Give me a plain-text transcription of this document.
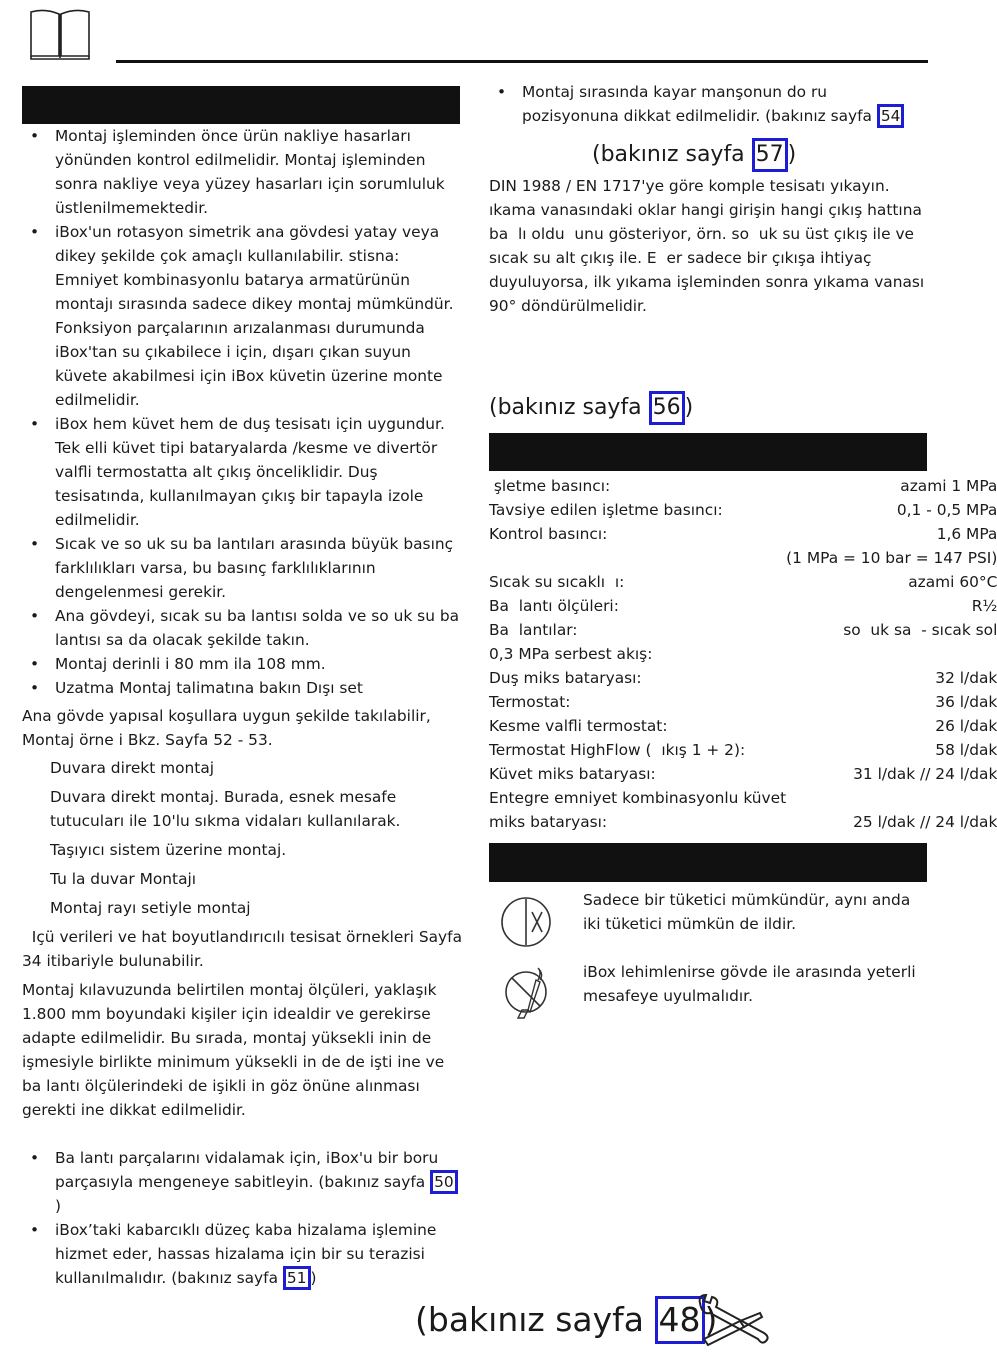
• Montaj işleminden önce ürün nakliye hasarları yönünden kontrol edilmelidir. Montaj işleminden sonra nakliye veya yüzey hasarları için sorumluluk üstlenilmemektedir.
• iBox'un rotasyon simetrik ana gövdesi yatay veya dikey şekilde çok amaçlı kullanılabilir. stisna: Emniyet kombinasyonlu batarya armatürünün montajı sırasında sadece dikey montaj mümkündür. Fonksiyon parçalarının arızalanması durumunda iBox'tan su çıkabilece i için, dışarı çıkan suyun küvete akabilmesi için iBox küvetin üzerine monte edilmelidir.
• iBox hem küvet hem de duş tesisatı için uygundur. Tek elli küvet tipi bataryalarda /kesme ve divertör valfli termostatta alt çıkış önceliklidir. Duş tesisatında, kullanılmayan çıkış bir tapayla izole edilmelidir.
• Sıcak ve so uk su ba lantıları arasında büyük basınç farklılıkları varsa, bu basınç farklılıklarının dengelenmesi gerekir.
• Ana gövdeyi, sıcak su ba lantısı solda ve so uk su ba lantısı sa da olacak şekilde takın.
• Montaj derinli i 80 mm ila 108 mm.
• Uzatma Montaj talimatına bakın Dışı set

Ana gövde yapısal koşullara uygun şekilde takılabilir, Montaj örne i Bkz. Sayfa 52 - 53.

Duvara direkt montaj

Duvara direkt montaj. Burada, esnek mesafe tutucuları ile 10'lu sıkma vidaları kullanılarak.

Taşıyıcı sistem üzerine montaj.

Tu la duvar Montajı

Montaj rayı setiyle montaj

Içü verileri ve hat boyutlandırıcılı tesisat örnekleri Sayfa 34 itibariyle bulunabilir.

Montaj kılavuzunda belirtilen montaj ölçüleri, yaklaşık 1.800 mm boyundaki kişiler için idealdir ve gerekirse adapte edilmelidir. Bu sırada, montaj yüksekli inin de işmesiyle birlikte minimum yüksekli in de de işti ine ve ba lantı ölçülerindeki de işikli in göz önüne alınması gerekti ine dikkat edilmelidir.

• Ba lantı parçalarını vidalamak için, iBox'u bir boru parçasıyla mengeneye sabitleyin. (bakınız sayfa 50)
• iBox’taki kabarcıklı düzeç kaba hizalama işlemine hizmet eder, hassas hizalama için bir su terazisi kullanılmalıdır. (bakınız sayfa 51 )
• Montaj sırasında kayar manşonun do ru pozisyonuna dikkat edilmelidir. (bakınız sayfa 54
(bakınız sayfa 57 )

DIN 1988 / EN 1717'ye göre komple tesisatı yıkayın.   ıkama vanasındaki oklar hangi girişin hangi çıkış hattına ba  lı oldu  unu gösteriyor, örn. so  uk su üst çıkış ile ve sıcak su alt çıkış ile. E  er sadece bir çıkışa ihtiyaç duyuluyorsa, ilk yıkama işleminden sonra yıkama vanası 90° döndürülmelidir.

(bakınız sayfa 56 )
şletme basıncı:	azami 1 MPa
Tavsiye edilen işletme basıncı:	0,1 - 0,5 MPa
Kontrol basıncı:	1,6 MPa
	(1 MPa = 10 bar = 147 PSI)
Sıcak su sıcaklı  ı:	azami 60°C
Ba  lantı ölçüleri:	R½
Ba  lantılar:	so  uk sa  - sıcak sol
0,3 MPa serbest akış:	
Duş miks bataryası:	32 l/dak
Termostat:	36 l/dak
Kesme valfli termostat:	26 l/dak
Termostat HighFlow (  ıkış 1 + 2):	58 l/dak
Küvet miks bataryası:	31 l/dak // 24 l/dak
Entegre emniyet kombinasyonlu küvet	
miks bataryası:	25 l/dak // 24 l/dak

Sadece bir tüketici mümkündür, aynı anda iki tüketici mümkün de ildir.

iBox lehimlenirse gövde ile arasında yeterli mesafeye uyulmalıdır.

(bakınız sayfa 48 )
